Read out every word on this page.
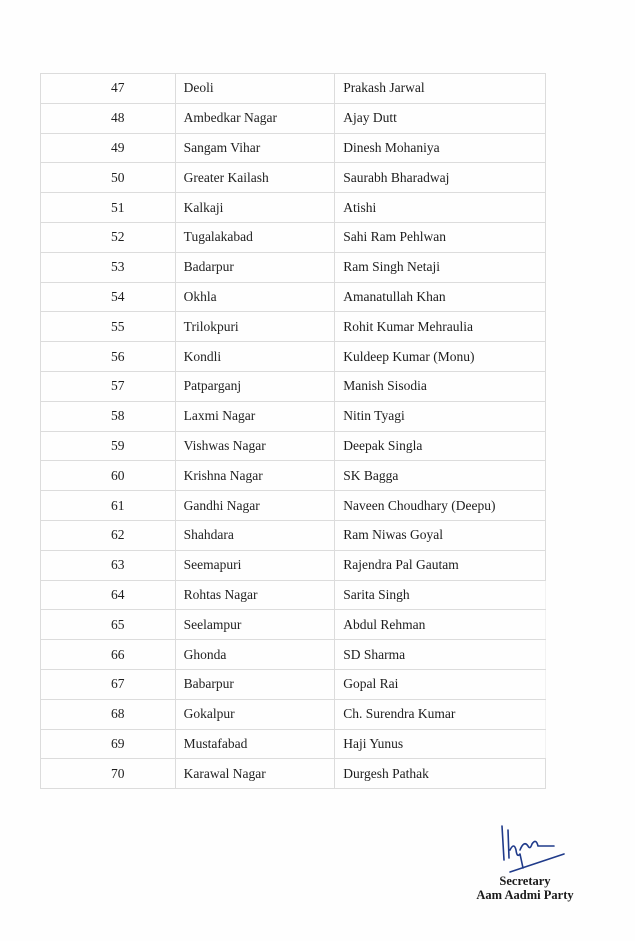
47	Deoli	Prakash Jarwal
48	Ambedkar Nagar	Ajay Dutt
49	Sangam Vihar	Dinesh Mohaniya
50	Greater Kailash	Saurabh Bharadwaj
51	Kalkaji	Atishi
52	Tugalakabad	Sahi Ram Pehlwan
53	Badarpur	Ram Singh Netaji
54	Okhla	Amanatullah Khan
55	Trilokpuri	Rohit Kumar Mehraulia
56	Kondli	Kuldeep Kumar (Monu)
57	Patparganj	Manish Sisodia
58	Laxmi Nagar	Nitin Tyagi
59	Vishwas Nagar	Deepak Singla
60	Krishna Nagar	SK Bagga
61	Gandhi Nagar	Naveen Choudhary (Deepu)
62	Shahdara	Ram Niwas Goyal
63	Seemapuri	Rajendra Pal Gautam
64	Rohtas Nagar	Sarita Singh
65	Seelampur	Abdul Rehman
66	Ghonda	SD Sharma
67	Babarpur	Gopal Rai
68	Gokalpur	Ch. Surendra Kumar
69	Mustafabad	Haji Yunus
70	Karawal Nagar	Durgesh Pathak
Secretary
Aam Aadmi Party
